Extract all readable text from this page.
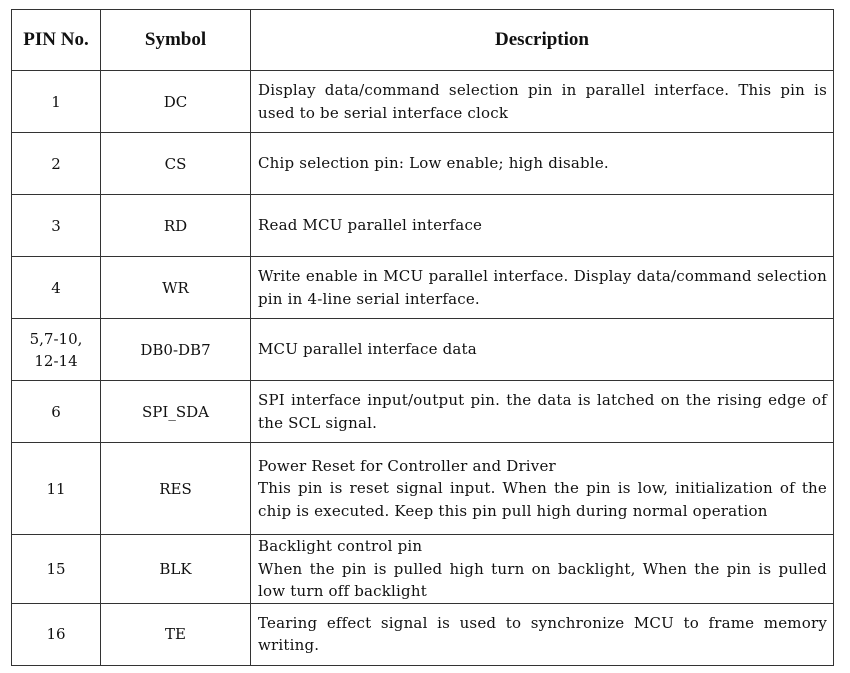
PIN No.	Symbol	Description
1	DC	Display data/command selection pin in parallel interface. This pin is used to be serial interface clock

2	CS	Chip selection pin: Low enable; high disable.

3	RD	Read MCU parallel interface

4	WR	Write enable in MCU parallel interface. Display data/command selection pin in 4-line serial interface.

5,7-10,
12-14	DB0-DB7	MCU parallel interface data

6	SPI_SDA	SPI interface input/output pin. the data is latched on the rising edge of the SCL signal.

11	RES	Power Reset for Controller and Driver
This pin is reset signal input. When the pin is low, initialization of the chip is executed. Keep this pin pull high during normal operation

15	BLK	Backlight control pin
When the pin is pulled high turn on backlight, When the pin is pulled low turn off backlight

16	TE	Tearing effect signal is used to synchronize MCU to frame memory writing.
